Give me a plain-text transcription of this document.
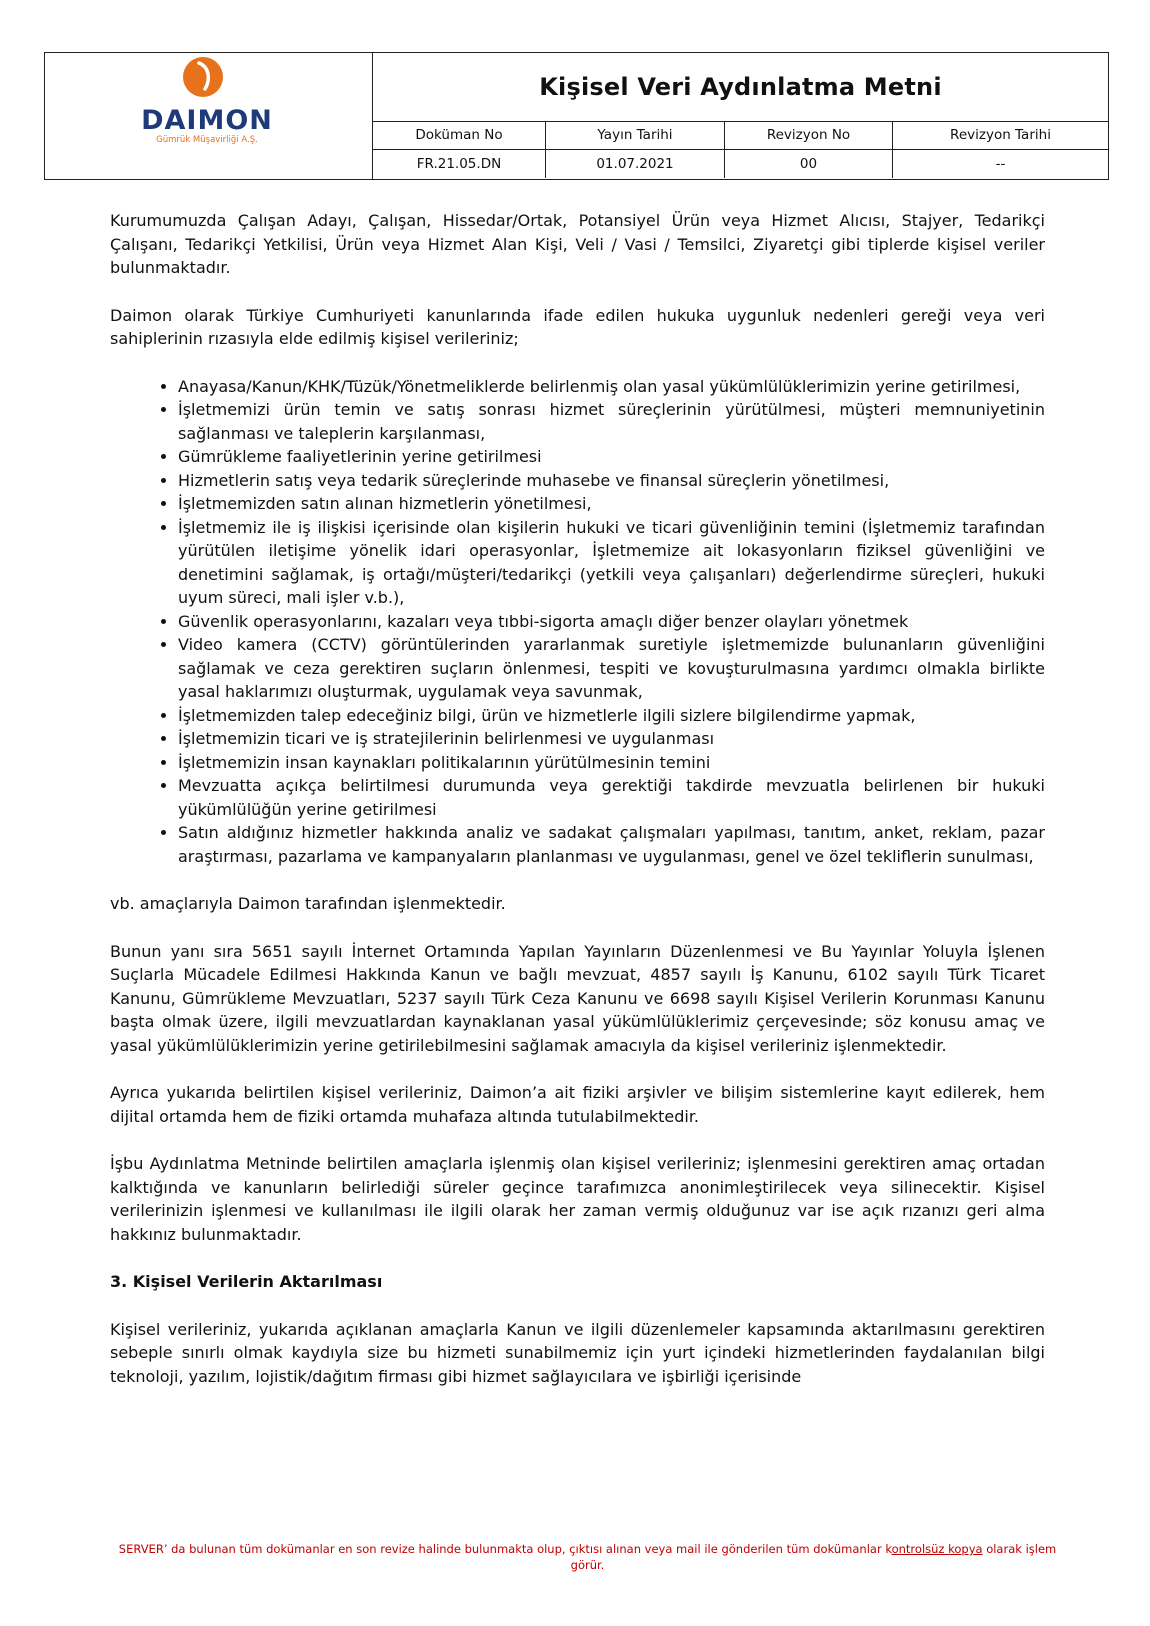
DAIMON
Gümrük Müşavirliği A.Ş.
Kişisel Veri Aydınlatma Metni
Doküman No	Yayın Tarihi	Revizyon No	Revizyon Tarihi
FR.21.05.DN	01.07.2021	00	--

Kurumumuzda Çalışan Adayı, Çalışan, Hissedar/Ortak, Potansiyel Ürün veya Hizmet Alıcısı, Stajyer, Tedarikçi Çalışanı, Tedarikçi Yetkilisi, Ürün veya Hizmet Alan Kişi, Veli / Vasi / Temsilci, Ziyaretçi gibi tiplerde kişisel veriler bulunmaktadır.

Daimon olarak Türkiye Cumhuriyeti kanunlarında ifade edilen hukuka uygunluk nedenleri gereği veya veri sahiplerinin rızasıyla elde edilmiş kişisel verileriniz;

• Anayasa/Kanun/KHK/Tüzük/Yönetmeliklerde belirlenmiş olan yasal yükümlülüklerimizin yerine getirilmesi,
• İşletmemizi ürün temin ve satış sonrası hizmet süreçlerinin yürütülmesi, müşteri memnuniyetinin sağlanması ve taleplerin karşılanması,
• Gümrükleme faaliyetlerinin yerine getirilmesi
• Hizmetlerin satış veya tedarik süreçlerinde muhasebe ve finansal süreçlerin yönetilmesi,
• İşletmemizden satın alınan hizmetlerin yönetilmesi,
• İşletmemiz ile iş ilişkisi içerisinde olan kişilerin hukuki ve ticari güvenliğinin temini (İşletmemiz tarafından yürütülen iletişime yönelik idari operasyonlar, İşletmemize ait lokasyonların fiziksel güvenliğini ve denetimini sağlamak, iş ortağı/müşteri/tedarikçi (yetkili veya çalışanları) değerlendirme süreçleri, hukuki uyum süreci, mali işler v.b.),
• Güvenlik operasyonlarını, kazaları veya tıbbi-sigorta amaçlı diğer benzer olayları yönetmek
• Video kamera (CCTV) görüntülerinden yararlanmak suretiyle işletmemizde bulunanların güvenliğini sağlamak ve ceza gerektiren suçların önlenmesi, tespiti ve kovuşturulmasına yardımcı olmakla birlikte yasal haklarımızı oluşturmak, uygulamak veya savunmak,
• İşletmemizden talep edeceğiniz bilgi, ürün ve hizmetlerle ilgili sizlere bilgilendirme yapmak,
• İşletmemizin ticari ve iş stratejilerinin belirlenmesi ve uygulanması
• İşletmemizin insan kaynakları politikalarının yürütülmesinin temini
• Mevzuatta açıkça belirtilmesi durumunda veya gerektiği takdirde mevzuatla belirlenen bir hukuki yükümlülüğün yerine getirilmesi
• Satın aldığınız hizmetler hakkında analiz ve sadakat çalışmaları yapılması, tanıtım, anket, reklam, pazar araştırması, pazarlama ve kampanyaların planlanması ve uygulanması, genel ve özel tekliflerin sunulması,

vb. amaçlarıyla Daimon tarafından işlenmektedir.

Bunun yanı sıra 5651 sayılı İnternet Ortamında Yapılan Yayınların Düzenlenmesi ve Bu Yayınlar Yoluyla İşlenen Suçlarla Mücadele Edilmesi Hakkında Kanun ve bağlı mevzuat, 4857 sayılı İş Kanunu, 6102 sayılı Türk Ticaret Kanunu, Gümrükleme Mevzuatları, 5237 sayılı Türk Ceza Kanunu ve 6698 sayılı Kişisel Verilerin Korunması Kanunu başta olmak üzere, ilgili mevzuatlardan kaynaklanan yasal yükümlülüklerimiz çerçevesinde; söz konusu amaç ve yasal yükümlülüklerimizin yerine getirilebilmesini sağlamak amacıyla da kişisel verileriniz işlenmektedir.

Ayrıca yukarıda belirtilen kişisel verileriniz, Daimon’a ait fiziki arşivler ve bilişim sistemlerine kayıt edilerek, hem dijital ortamda hem de fiziki ortamda muhafaza altında tutulabilmektedir.

İşbu Aydınlatma Metninde belirtilen amaçlarla işlenmiş olan kişisel verileriniz; işlenmesini gerektiren amaç ortadan kalktığında ve kanunların belirlediği süreler geçince tarafımızca anonimleştirilecek veya silinecektir. Kişisel verilerinizin işlenmesi ve kullanılması ile ilgili olarak her zaman vermiş olduğunuz var ise açık rızanızı geri alma hakkınız bulunmaktadır.

3. Kişisel Verilerin Aktarılması

Kişisel verileriniz, yukarıda açıklanan amaçlarla Kanun ve ilgili düzenlemeler kapsamında aktarılmasını gerektiren sebeple sınırlı olmak kaydıyla size bu hizmeti sunabilmemiz için yurt içindeki hizmetlerinden faydalanılan bilgi teknoloji, yazılım, lojistik/dağıtım firması gibi hizmet sağlayıcılara ve işbirliği içerisinde

SERVER’ da bulunan tüm dokümanlar en son revize halinde bulunmakta olup, çıktısı alınan veya mail ile gönderilen tüm dokümanlar kontrolsüz kopya olarak işlem görür.
